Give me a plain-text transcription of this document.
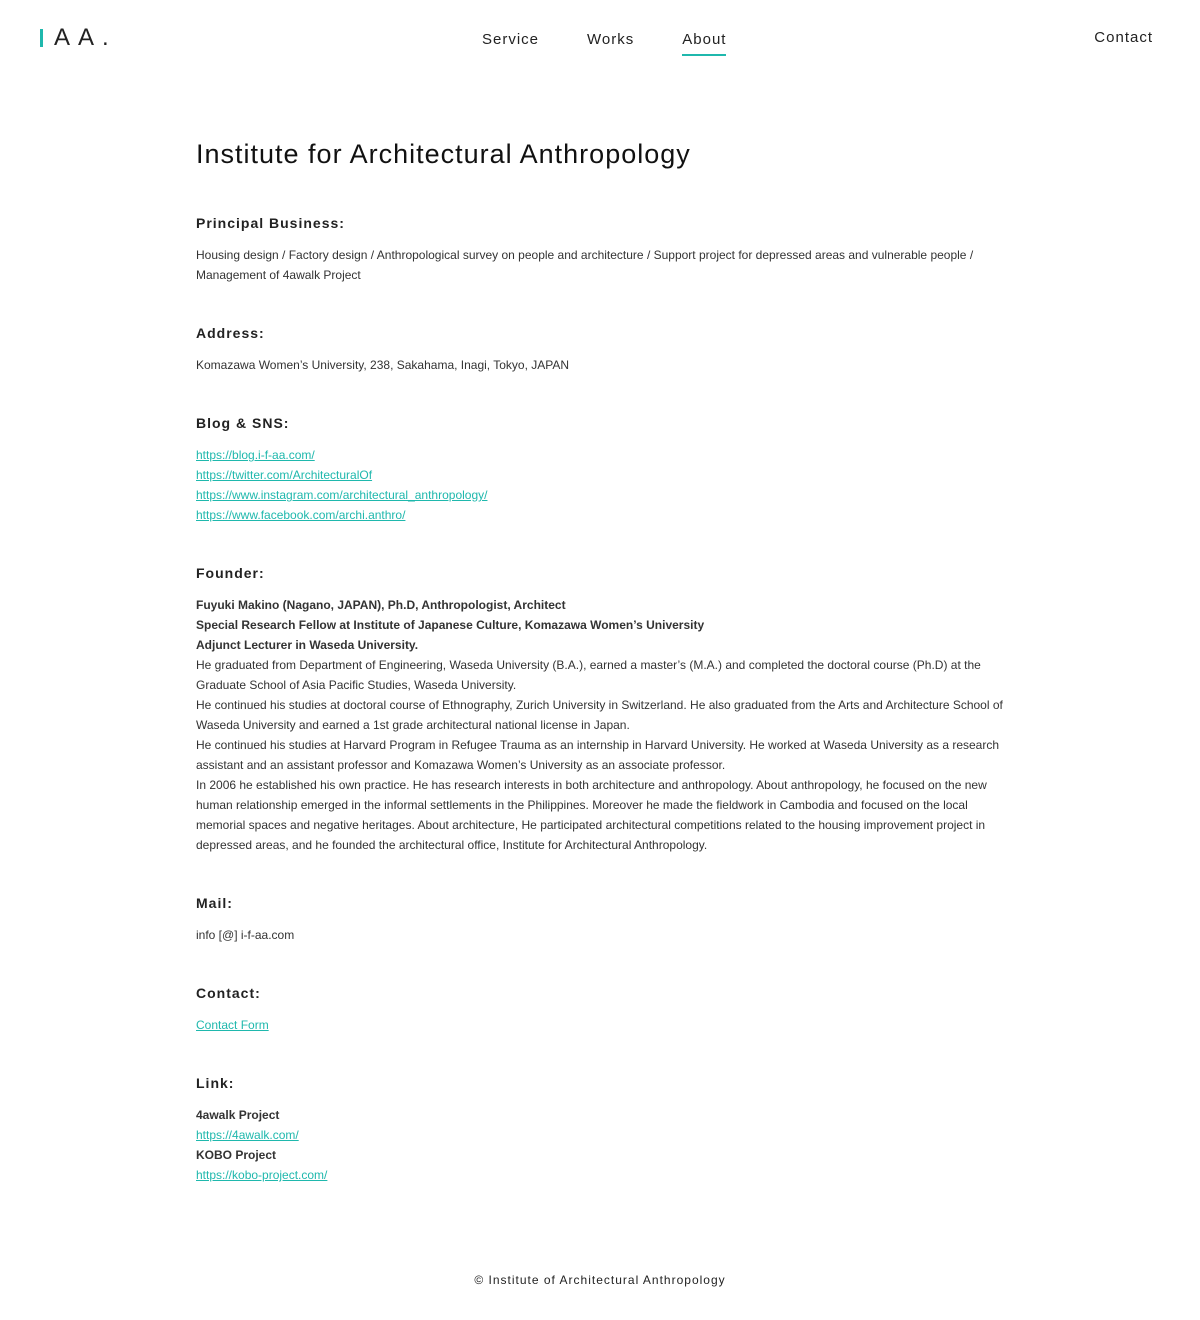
AA.	Service	Works	About	Contact
Institute for Architectural Anthropology
Principal Business:

Housing design / Factory design / Anthropological survey on people and architecture / Support project for depressed areas and vulnerable people / Management of 4awalk Project

Address:

Komazawa Women’s University, 238, Sakahama, Inagi, Tokyo, JAPAN

Blog & SNS:

https://blog.i-f-aa.com/

https://twitter.com/ArchitecturalOf

https://www.instagram.com/architectural_anthropology/

https://www.facebook.com/archi.anthro/

Founder:

Fuyuki Makino (Nagano, JAPAN), Ph.D, Anthropologist, Architect

Special Research Fellow at Institute of Japanese Culture, Komazawa Women’s University

Adjunct Lecturer in Waseda University.

He graduated from Department of Engineering, Waseda University (B.A.), earned a master’s (M.A.) and completed the doctoral course (Ph.D) at the Graduate School of Asia Pacific Studies, Waseda University.

He continued his studies at doctoral course of Ethnography, Zurich University in Switzerland. He also graduated from the Arts and Architecture School of Waseda University and earned a 1st grade architectural national license in Japan.

He continued his studies at Harvard Program in Refugee Trauma as an internship in Harvard University. He worked at Waseda University as a research assistant and an assistant professor and Komazawa Women’s University as an associate professor.

In 2006 he established his own practice. He has research interests in both architecture and anthropology. About anthropology, he focused on the new human relationship emerged in the informal settlements in the Philippines. Moreover he made the fieldwork in Cambodia and focused on the local memorial spaces and negative heritages. About architecture, He participated architectural competitions related to the housing improvement project in depressed areas, and he founded the architectural office, Institute for Architectural Anthropology.

Mail:

info [@] i-f-aa.com

Contact:

Contact Form

Link:

4awalk Project

https://4awalk.com/

KOBO Project

https://kobo-project.com/

© Institute of Architectural Anthropology
